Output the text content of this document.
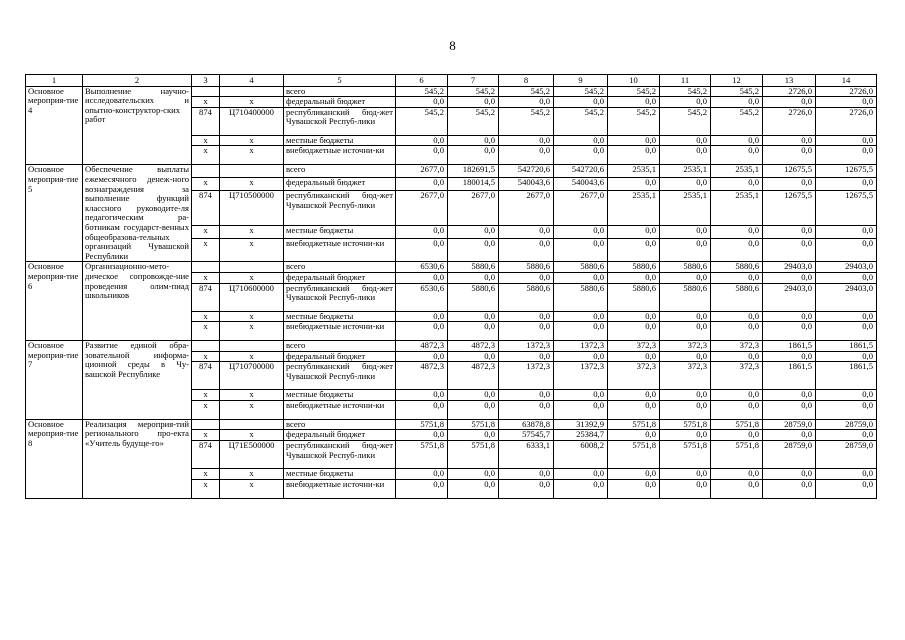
8
1	2	3	4	5	6	7	8	9	10	11	12	13	14
Основное мероприя-тие 4	Выполнение научно-исследовательских и опытно-конструктор-ских работ			всего	545,2	545,2	545,2	545,2	545,2	545,2	545,2	2726,0	2726,0
		x	x	федеральный бюджет	0,0	0,0	0,0	0,0	0,0	0,0	0,0	0,0	0,0
		874	Ц710400000	республиканский бюд-жет Чувашской Респуб-лики	545,2	545,2	545,2	545,2	545,2	545,2	545,2	2726,0	2726,0
		x	x	местные бюджеты	0,0	0,0	0,0	0,0	0,0	0,0	0,0	0,0	0,0
		x	x	внебюджетные источни-ки	0,0	0,0	0,0	0,0	0,0	0,0	0,0	0,0	0,0
Основное мероприя-тие 5	Обеспечение выплаты ежемесячного денеж-ного вознаграждения за выполнение функций классного руководите-ля педагогическим ра-ботникам государст-венных общеобразова-тельных организаций Чувашской Республики			всего	2677,0	182691,5	542720,6	542720,6	2535,1	2535,1	2535,1	12675,5	12675,5
		x	x	федеральный бюджет	0,0	180014,5	540043,6	540043,6	0,0	0,0	0,0	0,0	0,0
		874	Ц710500000	республиканский бюд-жет Чувашской Респуб-лики	2677,0	2677,0	2677,0	2677,0	2535,1	2535,1	2535,1	12675,5	12675,5
		x	x	местные бюджеты	0,0	0,0	0,0	0,0	0,0	0,0	0,0	0,0	0,0
		x	x	внебюджетные источни-ки	0,0	0,0	0,0	0,0	0,0	0,0	0,0	0,0	0,0
Основное мероприя-тие 6	Организационно-мето-дическое сопровожде-ние проведения олим-пиад школьников			всего	6530,6	5880,6	5880,6	5880,6	5880,6	5880,6	5880,6	29403,0	29403,0
		x	x	федеральный бюджет	0,0	0,0	0,0	0,0	0,0	0,0	0,0	0,0	0,0
		874	Ц710600000	республиканский бюд-жет Чувашской Респуб-лики	6530,6	5880,6	5880,6	5880,6	5880,6	5880,6	5880,6	29403,0	29403,0
		x	x	местные бюджеты	0,0	0,0	0,0	0,0	0,0	0,0	0,0	0,0	0,0
		x	x	внебюджетные источни-ки	0,0	0,0	0,0	0,0	0,0	0,0	0,0	0,0	0,0
Основное мероприя-тие 7	Развитие единой обра-зовательной информа-ционной среды в Чу-вашской Республике			всего	4872,3	4872,3	1372,3	1372,3	372,3	372,3	372,3	1861,5	1861,5
		x	x	федеральный бюджет	0,0	0,0	0,0	0,0	0,0	0,0	0,0	0,0	0,0
		874	Ц710700000	республиканский бюд-жет Чувашской Респуб-лики	4872,3	4872,3	1372,3	1372,3	372,3	372,3	372,3	1861,5	1861,5
		x	x	местные бюджеты	0,0	0,0	0,0	0,0	0,0	0,0	0,0	0,0	0,0
		x	x	внебюджетные источни-ки	0,0	0,0	0,0	0,0	0,0	0,0	0,0	0,0	0,0
Основное мероприя-тие 8	Реализация мероприя-тий регионального про-екта «Учитель будуще-го»			всего	5751,8	5751,8	63878,8	31392,9	5751,8	5751,8	5751,8	28759,0	28759,0
		x	x	федеральный бюджет	0,0	0,0	57545,7	25384,7	0,0	0,0	0,0	0,0	0,0
		874	Ц71Е500000	республиканский бюд-жет Чувашской Респуб-лики	5751,8	5751,8	6333,1	6008,2	5751,8	5751,8	5751,8	28759,0	28759,0
		x	x	местные бюджеты	0,0	0,0	0,0	0,0	0,0	0,0	0,0	0,0	0,0
		x	x	внебюджетные источни-ки	0,0	0,0	0,0	0,0	0,0	0,0	0,0	0,0	0,0
